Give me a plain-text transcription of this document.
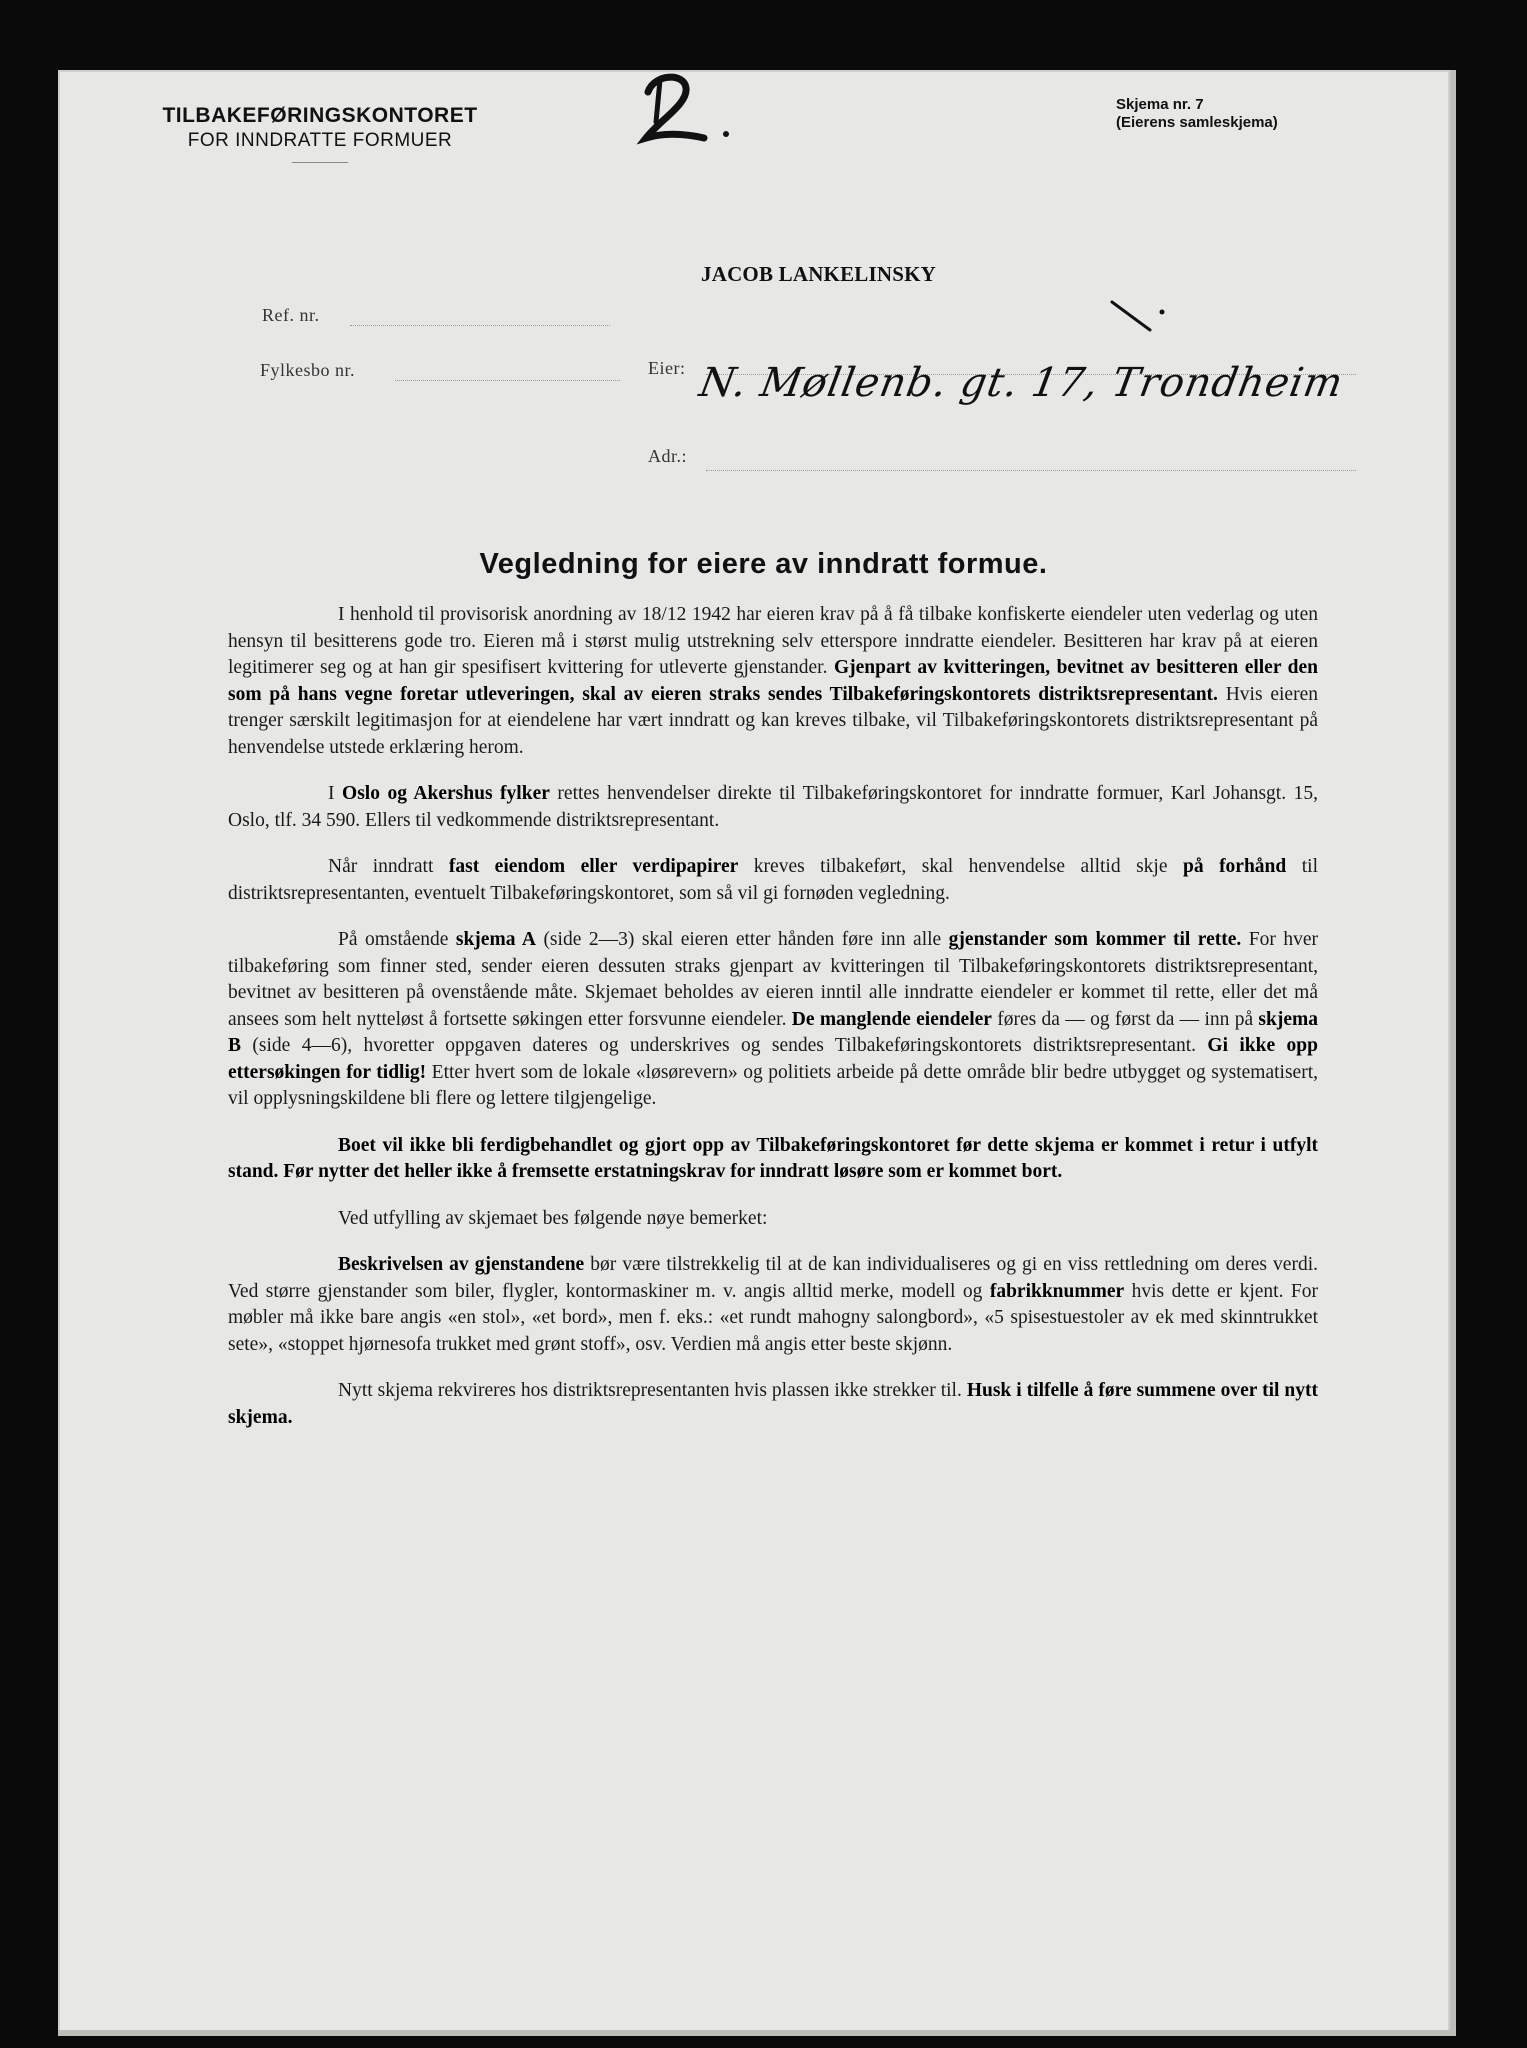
TILBAKEFØRINGSKONTORET
FOR INNDRATTE FORMUER
Skjema nr. 7
(Eierens samleskjema)
Ref. nr.
Fylkesbo nr.	Eier:
JACOB LANKELINSKY
Adr.:
N. Møllenb. gt. 17, Trondheim
Vegledning for eiere av inndratt formue.

I henhold til provisorisk anordning av 18/12 1942 har eieren krav på å få tilbake konfiskerte eiendeler uten vederlag og uten hensyn til besitterens gode tro. Eieren må i størst mulig utstrekning selv etterspore inndratte eiendeler. Besitteren har krav på at eieren legitimerer seg og at han gir spesifisert kvittering for utleverte gjenstander. Gjenpart av kvitteringen, bevitnet av besitteren eller den som på hans vegne foretar utleveringen, skal av eieren straks sendes Tilbakeføringskontorets distriktsrepresentant. Hvis eieren trenger særskilt legitimasjon for at eiendelene har vært inndratt og kan kreves tilbake, vil Tilbakeføringskontorets distriktsrepresentant på henvendelse utstede erklæring herom.

I Oslo og Akershus fylker rettes henvendelser direkte til Tilbakeføringskontoret for inndratte formuer, Karl Johansgt. 15, Oslo, tlf. 34 590. Ellers til vedkommende distriktsrepresentant.

Når inndratt fast eiendom eller verdipapirer kreves tilbakeført, skal henvendelse alltid skje på forhånd til distriktsrepresentanten, eventuelt Tilbakeføringskontoret, som så vil gi fornøden vegledning.

På omstående skjema A (side 2—3) skal eieren etter hånden føre inn alle gjenstander som kommer til rette. For hver tilbakeføring som finner sted, sender eieren dessuten straks gjenpart av kvitteringen til Tilbakeføringskontorets distriktsrepresentant, bevitnet av besitteren på ovenstående måte. Skjemaet beholdes av eieren inntil alle inndratte eiendeler er kommet til rette, eller det må ansees som helt nytteløst å fortsette søkingen etter forsvunne eiendeler. De manglende eiendeler føres da — og først da — inn på skjema B (side 4—6), hvoretter oppgaven dateres og underskrives og sendes Tilbakeføringskontorets distriktsrepresentant. Gi ikke opp ettersøkingen for tidlig! Etter hvert som de lokale «løsørevern» og politiets arbeide på dette område blir bedre utbygget og systematisert, vil opplysningskildene bli flere og lettere tilgjengelige.

Boet vil ikke bli ferdigbehandlet og gjort opp av Tilbakeføringskontoret før dette skjema er kommet i retur i utfylt stand. Før nytter det heller ikke å fremsette erstatningskrav for inndratt løsøre som er kommet bort.

Ved utfylling av skjemaet bes følgende nøye bemerket:

Beskrivelsen av gjenstandene bør være tilstrekkelig til at de kan individualiseres og gi en viss rettledning om deres verdi. Ved større gjenstander som biler, flygler, kontormaskiner m. v. angis alltid merke, modell og fabrikknummer hvis dette er kjent. For møbler må ikke bare angis «en stol», «et bord», men f. eks.: «et rundt mahogny salongbord», «5 spisestuestoler av ek med skinntrukket sete», «stoppet hjørnesofa trukket med grønt stoff», osv. Verdien må angis etter beste skjønn.

Nytt skjema rekvireres hos distriktsrepresentanten hvis plassen ikke strekker til. Husk i tilfelle å føre summene over til nytt skjema.
